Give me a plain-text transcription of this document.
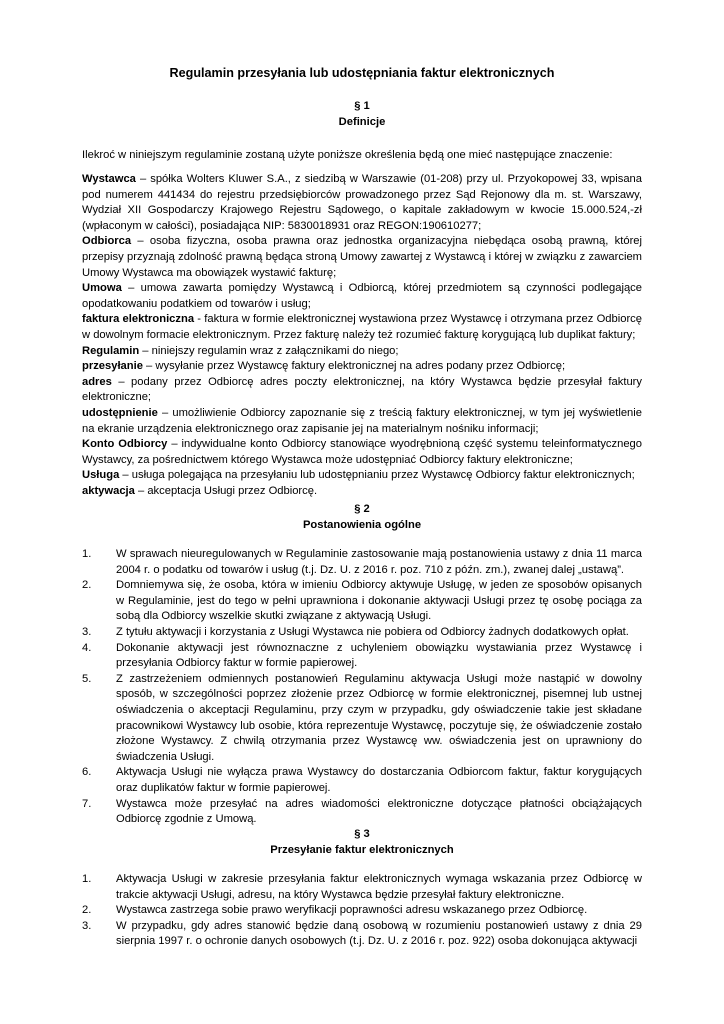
Regulamin przesyłania lub udostępniania faktur elektronicznych
§ 1
Definicje
Ilekroć w niniejszym regulaminie zostaną użyte poniższe określenia będą one mieć następujące znaczenie:

Wystawca – spółka Wolters Kluwer S.A., z siedzibą w Warszawie (01-208) przy ul. Przyokopowej 33, wpisana pod numerem 441434 do rejestru przedsiębiorców prowadzonego przez Sąd Rejonowy dla m. st. Warszawy, Wydział XII Gospodarczy Krajowego Rejestru Sądowego, o kapitale zakładowym w kwocie 15.000.524,-zł (wpłaconym w całości), posiadająca NIP: 5830018931 oraz REGON:190610277;

Odbiorca – osoba fizyczna, osoba prawna oraz jednostka organizacyjna niebędąca osobą prawną, której przepisy przyznają zdolność prawną będąca stroną Umowy zawartej z Wystawcą i której w związku z zawarciem Umowy Wystawca ma obowiązek wystawić fakturę;

Umowa – umowa zawarta pomiędzy Wystawcą i Odbiorcą, której przedmiotem są czynności podlegające opodatkowaniu podatkiem od towarów i usług;

faktura elektroniczna - faktura w formie elektronicznej wystawiona przez Wystawcę i otrzymana przez Odbiorcę w dowolnym formacie elektronicznym. Przez fakturę należy też rozumieć fakturę korygującą lub duplikat faktury;

Regulamin – niniejszy regulamin wraz z załącznikami do niego;

przesyłanie – wysyłanie przez Wystawcę faktury elektronicznej na adres podany przez Odbiorcę;

adres – podany przez Odbiorcę adres poczty elektronicznej, na który Wystawca będzie przesyłał faktury elektroniczne;

udostępnienie – umożliwienie Odbiorcy zapoznanie się z treścią faktury elektronicznej, w tym jej wyświetlenie na ekranie urządzenia elektronicznego oraz zapisanie jej na materialnym nośniku informacji;

Konto Odbiorcy – indywidualne konto Odbiorcy stanowiące wyodrębnioną część systemu teleinformatycznego Wystawcy, za pośrednictwem którego Wystawca może udostępniać Odbiorcy faktury elektroniczne;

Usługa – usługa polegająca na przesyłaniu lub udostępnianiu przez Wystawcę Odbiorcy faktur elektronicznych;

aktywacja – akceptacja Usługi przez Odbiorcę.

§ 2
Postanowienia ogólne
1. W sprawach nieuregulowanych w Regulaminie zastosowanie mają postanowienia ustawy z dnia 11 marca 2004 r. o podatku od towarów i usług (t.j. Dz. U. z 2016 r. poz. 710 z późn. zm.), zwanej dalej „ustawą”.
2. Domniemywa się, że osoba, która w imieniu Odbiorcy aktywuje Usługę, w jeden ze sposobów opisanych w Regulaminie, jest do tego w pełni uprawniona i dokonanie aktywacji Usługi przez tę osobę pociąga za sobą dla Odbiorcy wszelkie skutki związane z aktywacją Usługi.
3. Z tytułu aktywacji i korzystania z Usługi Wystawca nie pobiera od Odbiorcy żadnych dodatkowych opłat.
4. Dokonanie aktywacji jest równoznaczne z uchyleniem obowiązku wystawiania przez Wystawcę i przesyłania Odbiorcy faktur w formie papierowej.
5. Z zastrzeżeniem odmiennych postanowień Regulaminu aktywacja Usługi może nastąpić w dowolny sposób, w szczególności poprzez złożenie przez Odbiorcę w formie elektronicznej, pisemnej lub ustnej oświadczenia o akceptacji Regulaminu, przy czym w przypadku, gdy oświadczenie takie jest składane pracownikowi Wystawcy lub osobie, która reprezentuje Wystawcę, poczytuje się, że oświadczenie zostało złożone Wystawcy. Z chwilą otrzymania przez Wystawcę ww. oświadczenia jest on uprawniony do świadczenia Usługi.
6. Aktywacja Usługi nie wyłącza prawa Wystawcy do dostarczania Odbiorcom faktur, faktur korygujących oraz duplikatów faktur w formie papierowej.
7. Wystawca może przesyłać na adres wiadomości elektroniczne dotyczące płatności obciążających Odbiorcę zgodnie z Umową.
§ 3
Przesyłanie faktur elektronicznych
1. Aktywacja Usługi w zakresie przesyłania faktur elektronicznych wymaga wskazania przez Odbiorcę w trakcie aktywacji Usługi, adresu, na który Wystawca będzie przesyłał faktury elektroniczne.
2. Wystawca zastrzega sobie prawo weryfikacji poprawności adresu wskazanego przez Odbiorcę.
3. W przypadku, gdy adres stanowić będzie daną osobową w rozumieniu postanowień ustawy z dnia 29 sierpnia 1997 r. o ochronie danych osobowych (t.j. Dz. U. z 2016 r. poz. 922) osoba dokonująca aktywacji
